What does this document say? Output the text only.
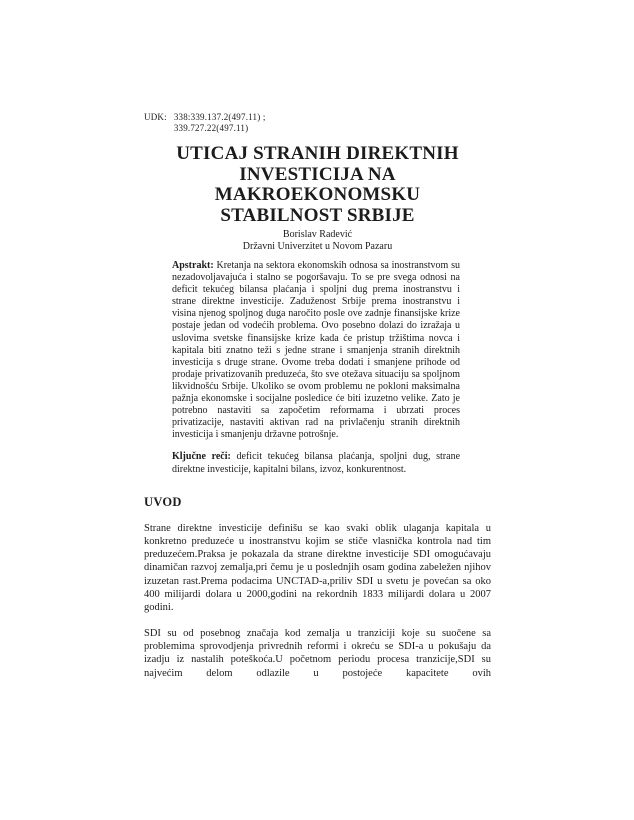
UDK: 338:339.137.2(497.11) ;
339.727.22(497.11)
UTICAJ STRANIH DIREKTNIH
INVESTICIJA NA MAKROEKONOMSKU
STABILNOST SRBIJE
Borislav Radević
Državni Univerzitet u Novom Pazaru

Apstrakt: Kretanja na sektora ekonomskih odnosa sa inostranstvom su nezadovoljavajuća i stalno se pogoršavaju. To se pre svega odnosi na deficit tekućeg bilansa plaćanja i spoljni dug prema inostranstvu i strane direktne investicije. Zaduženost Srbije prema inostranstvu i visina njenog spoljnog duga naročito posle ove zadnje finansijske krize postaje jedan od vodećih problema. Ovo posebno dolazi do izražaja u uslovima svetske finansijske krize kada će pristup tržištima novca i kapitala biti znatno teži s jedne strane i smanjenja stranih direktnih investicija s druge strane. Ovome treba dodati i smanjene prihode od prodaje privatizovanih preduzeća, što sve otežava situaciju sa spoljnom likvidnošću Srbije. Ukoliko se ovom problemu ne pokloni maksimalna pažnja ekonomske i socijalne posledice će biti izuzetno velike. Zato je potrebno nastaviti sa započetim reformama i ubrzati proces privatizacije, nastaviti aktivan rad na privlačenju stranih direktnih investicija i smanjenju državne potrošnje.

Ključne reči: deficit tekućeg bilansa plaćanja, spoljni dug, strane direktne investicije, kapitalni bilans, izvoz, konkurentnost.

UVOD

Strane direktne investicije definišu se kao svaki oblik ulaganja kapitala u konkretno preduzeće u inostranstvu kojim se stiče vlasnička kontrola nad tim preduzećem.Praksa je pokazala da strane direktne investicije SDI omogućavaju dinamičan razvoj zemalja,pri čemu je u poslednjih osam godina zabeležen njihov izuzetan rast.Prema podacima UNCTAD-a,priliv SDI u svetu je povećan sa oko 400 milijardi dolara u 2000,godini na rekordnih 1833 milijardi dolara u 2007 godini.

SDI su od posebnog značaja kod zemalja u tranziciji koje su suočene sa problemima sprovodjenja privrednih reformi i okreću se SDI-a u pokušaju da izadju iz nastalih poteškoća.U početnom periodu procesa tranzicije,SDI su najvećim delom odlazile u postojeće kapacitete ovih
